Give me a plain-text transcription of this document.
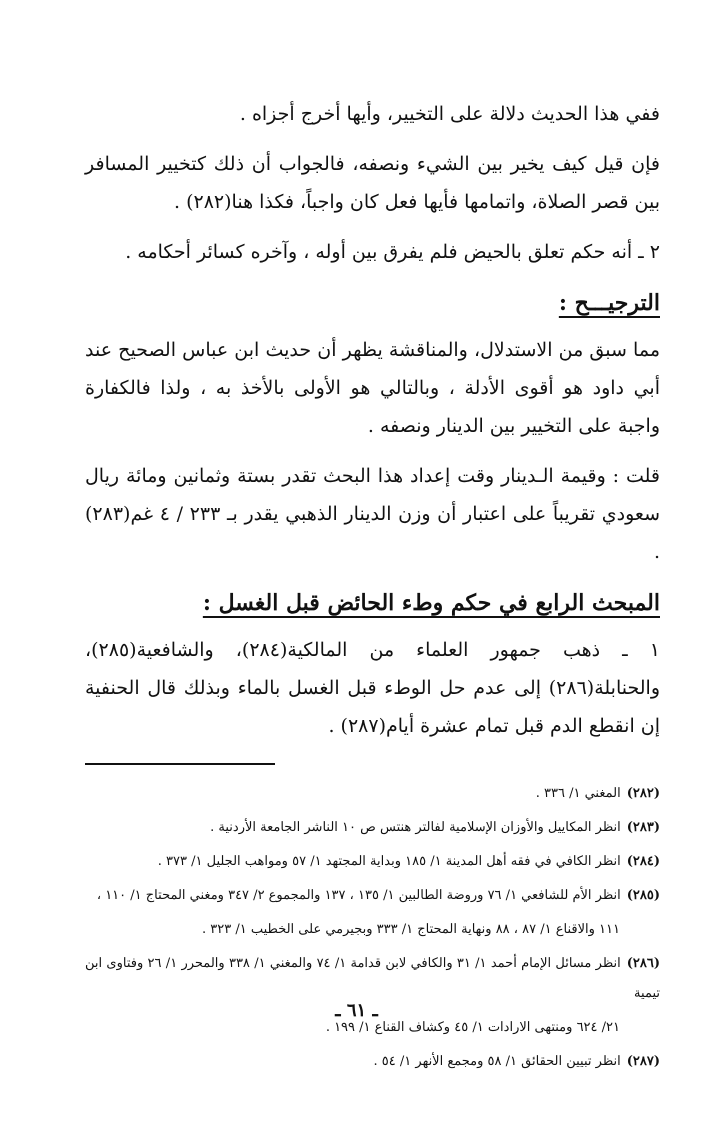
ففي هذا الحديث دلالة على التخيير، وأيها أخرج أجزاه .

فإن قيل كيف يخير بين الشيء ونصفه، فالجواب أن ذلك كتخيير المسافر بين قصر الصلاة، واتمامها فأيها فعل كان واجباً، فكذا هنا(٢٨٢) .

٢ ـ أنه حكم تعلق بالحيض فلم يفرق بين أوله ، وآخره كسائر أحكامه .

الترجيـــح :

مما سبق من الاستدلال، والمناقشة يظهر أن حديث ابن عباس الصحيح عند أبي داود هو أقوى الأدلة ، وبالتالي هو الأولى بالأخذ به ، ولذا فالكفارة واجبة على التخيير بين الدينار ونصفه .

قلت : وقيمة الـدينار وقت إعداد هذا البحث تقدر بستة وثمانين ومائة ريال سعودي تقريباً على اعتبار أن وزن الدينار الذهبي يقدر بـ ٢٣٣ / ٤ غم(٢٨٣) .

المبحث الرابع في حكم وطء الحائض قبل الغسل :

١ ـ ذهب جمهور العلماء من المالكية(٢٨٤)، والشافعية(٢٨٥)، والحنابلة(٢٨٦) إلى عدم حل الوطء قبل الغسل بالماء وبذلك قال الحنفية إن انقطع الدم قبل تمام عشرة أيام(٢٨٧) .

(٢٨٢)المغني ١/ ٣٣٦ .

(٢٨٣)انظر المكاييل والأوزان الإسلامية لفالتر هنتس ص ١٠ الناشر الجامعة الأردنية .

(٢٨٤)انظر الكافي في فقه أهل المدينة ١/ ١٨٥ وبداية المجتهد ١/ ٥٧ ومواهب الجليل ١/ ٣٧٣ .

(٢٨٥)انظر الأم للشافعي ١/ ٧٦ وروضة الطالبين ١/ ١٣٥ ، ١٣٧ والمجموع ٢/ ٣٤٧ ومغني المحتاج ١/ ١١٠ ،

١١١ والاقناع ١/ ٨٧ ، ٨٨ ونهاية المحتاج ١/ ٣٣٣ وبجيرمي على الخطيب ١/ ٣٢٣ .

(٢٨٦)انظر مسائل الإمام أحمد ١/ ٣١ والكافي لابن قدامة ١/ ٧٤ والمغني ١/ ٣٣٨ والمحرر ١/ ٢٦ وفتاوى ابن تيمية

٢١/ ٦٢٤ ومنتهى الارادات ١/ ٤٥ وكشاف القناع ١/ ١٩٩ .

(٢٨٧)انظر تبيين الحقائق ١/ ٥٨ ومجمع الأنهر ١/ ٥٤ .

ـ ٦١ ـ
